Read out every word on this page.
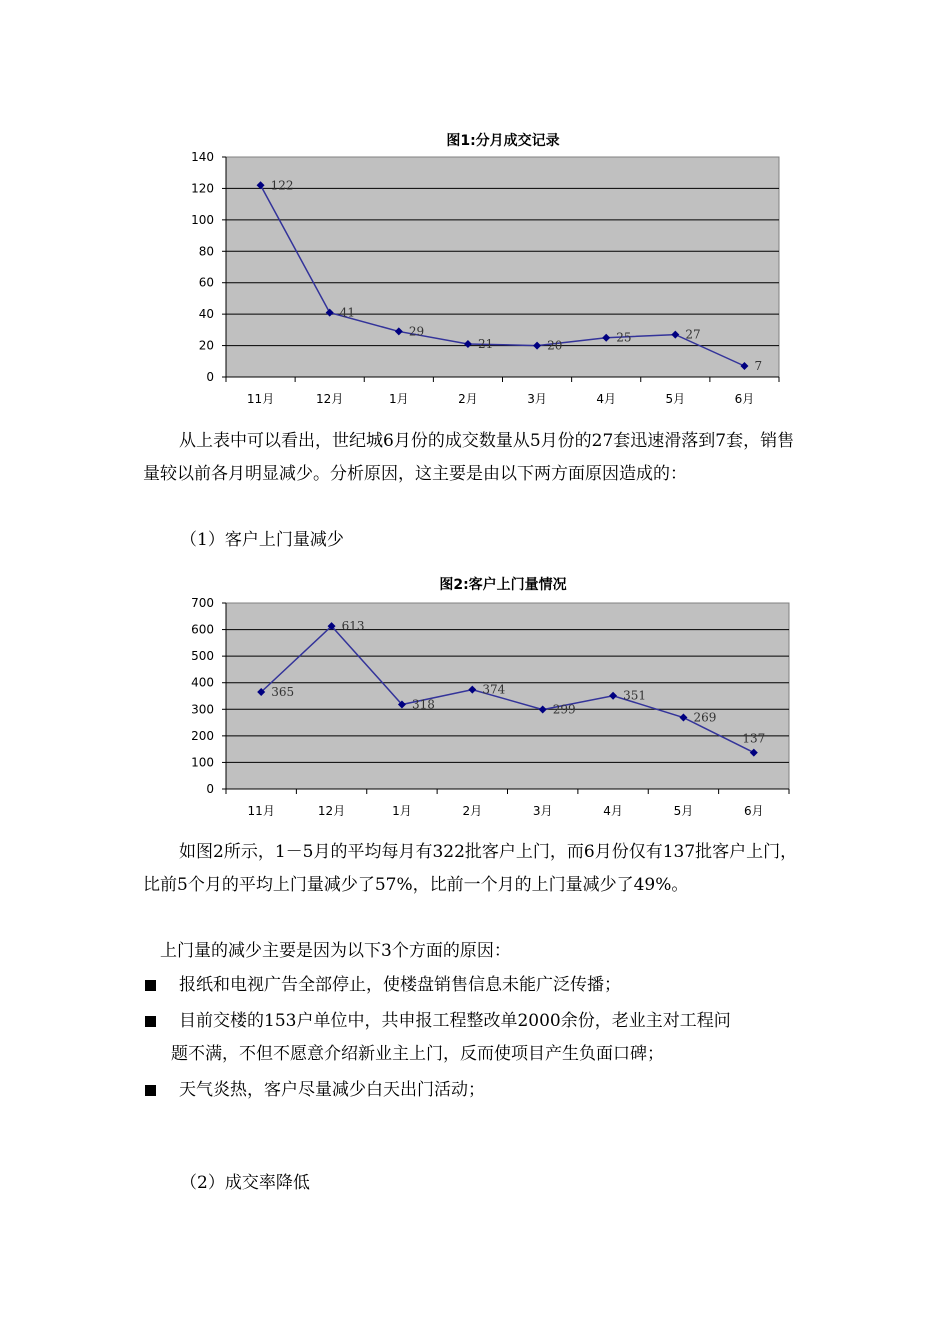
图1:分月成交记录
0
20
40
60
80
100
120
140
11月	12月	1月	2月	3月	4月	5月	6月
122
41
29
21	20
25	27
7

从上表中可以看出，世纪城6月份的成交数量从5月份的27套迅速滑落到7套，销售量较以前各月明显减少。分析原因，这主要是由以下两方面原因造成的：

（1）客户上门量减少
图2:客户上门量情况
0
100
200
300
400
500
600
700
11月	12月	1月	2月	3月	4月	5月	6月
365
613
318
374
299
351
269
137

如图2所示，1－5月的平均每月有322批客户上门，而6月份仅有137批客户上门，比前5个月的平均上门量减少了57%，比前一个月的上门量减少了49%。

上门量的减少主要是因为以下3个方面的原因：
报纸和电视广告全部停止，使楼盘销售信息未能广泛传播；
目前交楼的153户单位中，共申报工程整改单2000余份，老业主对工程问
题不满，不但不愿意介绍新业主上门，反而使项目产生负面口碑；
天气炎热，客户尽量减少白天出门活动；
（2）成交率降低
